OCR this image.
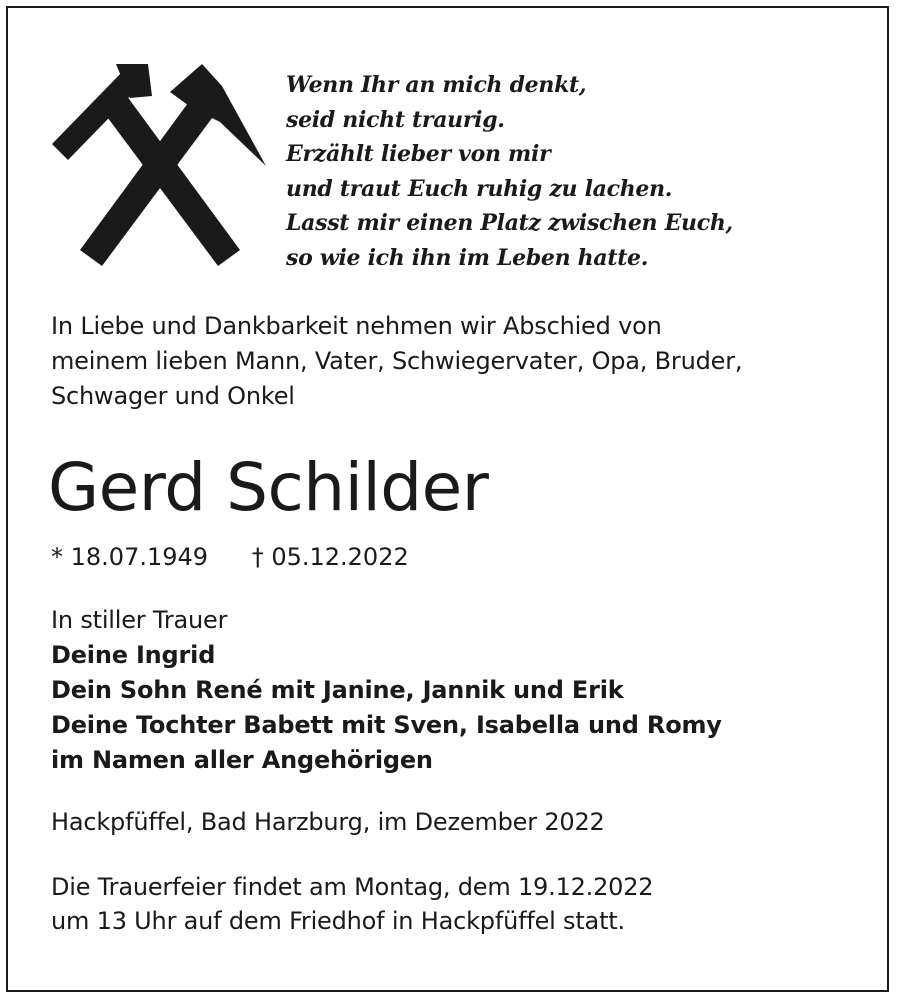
Wenn Ihr an mich denkt,
seid nicht traurig.
Erzählt lieber von mir
und traut Euch ruhig zu lachen.
Lasst mir einen Platz zwischen Euch,
so wie ich ihn im Leben hatte.
In Liebe und Dankbarkeit nehmen wir Abschied von
meinem lieben Mann, Vater, Schwiegervater, Opa, Bruder,
Schwager und Onkel
Gerd Schilder
* 18.07.1949 † 05.12.2022
In stiller Trauer
Deine Ingrid
Dein Sohn René mit Janine, Jannik und Erik
Deine Tochter Babett mit Sven, Isabella und Romy
im Namen aller Angehörigen
Hackpfüffel, Bad Harzburg, im Dezember 2022
Die Trauerfeier findet am Montag, dem 19.12.2022
um 13 Uhr auf dem Friedhof in Hackpfüffel statt.
